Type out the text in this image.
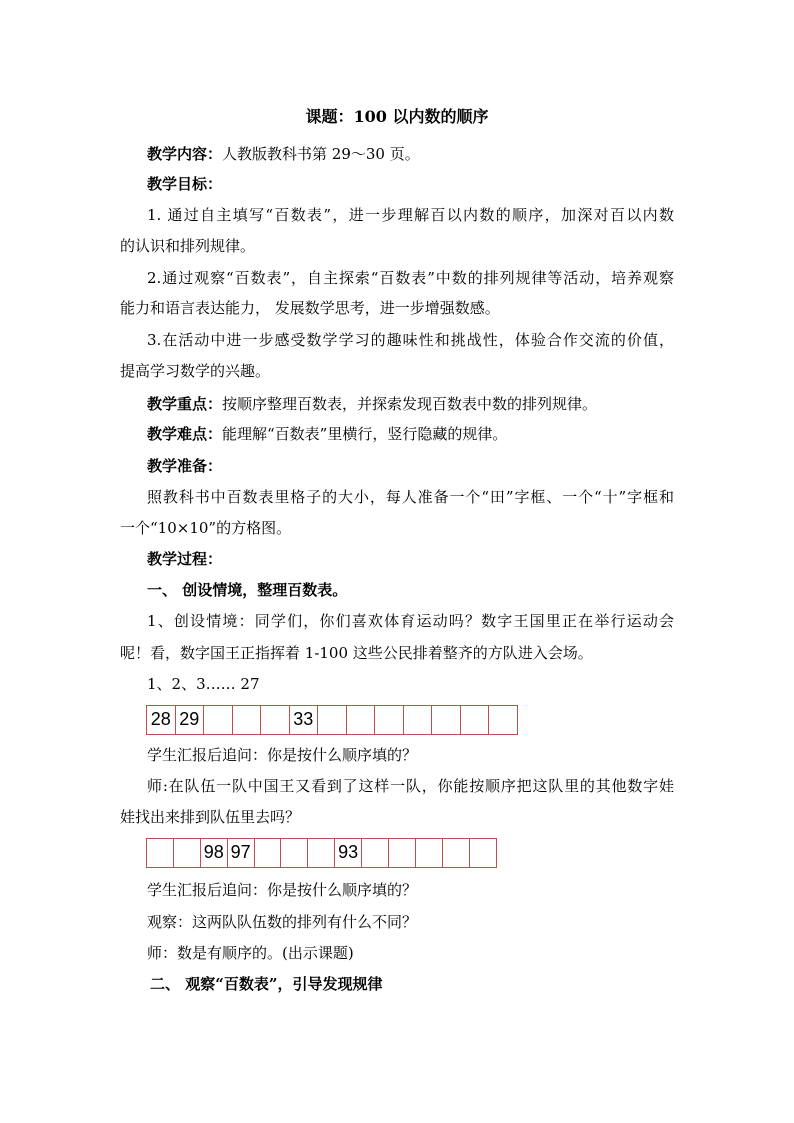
课题：100 以内数的顺序
教学内容：人教版教科书第 29～30 页。
教学目标：
1. 通过自主填写“百数表”，进一步理解百以内数的顺序，加深对百以内数
的认识和排列规律。
2.通过观察“百数表”，自主探索“百数表”中数的排列规律等活动，培养观察
能力和语言表达能力， 发展数学思考，进一步增强数感。
3.在活动中进一步感受数学学习的趣味性和挑战性，体验合作交流的价值，
提高学习数学的兴趣。
教学重点：按顺序整理百数表，并探索发现百数表中数的排列规律。
教学难点：能理解“百数表”里横行，竖行隐藏的规律。
教学准备：
照教科书中百数表里格子的大小，每人准备一个“田”字框、一个“十”字框和
一个“10×10”的方格图。
教学过程：
一、 创设情境，整理百数表。
1、创设情境：同学们，你们喜欢体育运动吗？数字王国里正在举行运动会
呢！看，数字国王正指挥着 1-100 这些公民排着整齐的方队进入会场。
1、2、3…… 27
28 29	33
学生汇报后追问：你是按什么顺序填的？
师:在队伍一队中国王又看到了这样一队，你能按顺序把这队里的其他数字娃
娃找出来排到队伍里去吗？
98 97	93
学生汇报后追问：你是按什么顺序填的？
观察：这两队队伍数的排列有什么不同？
师：数是有顺序的。(出示课题)
二、 观察“百数表”，引导发现规律
